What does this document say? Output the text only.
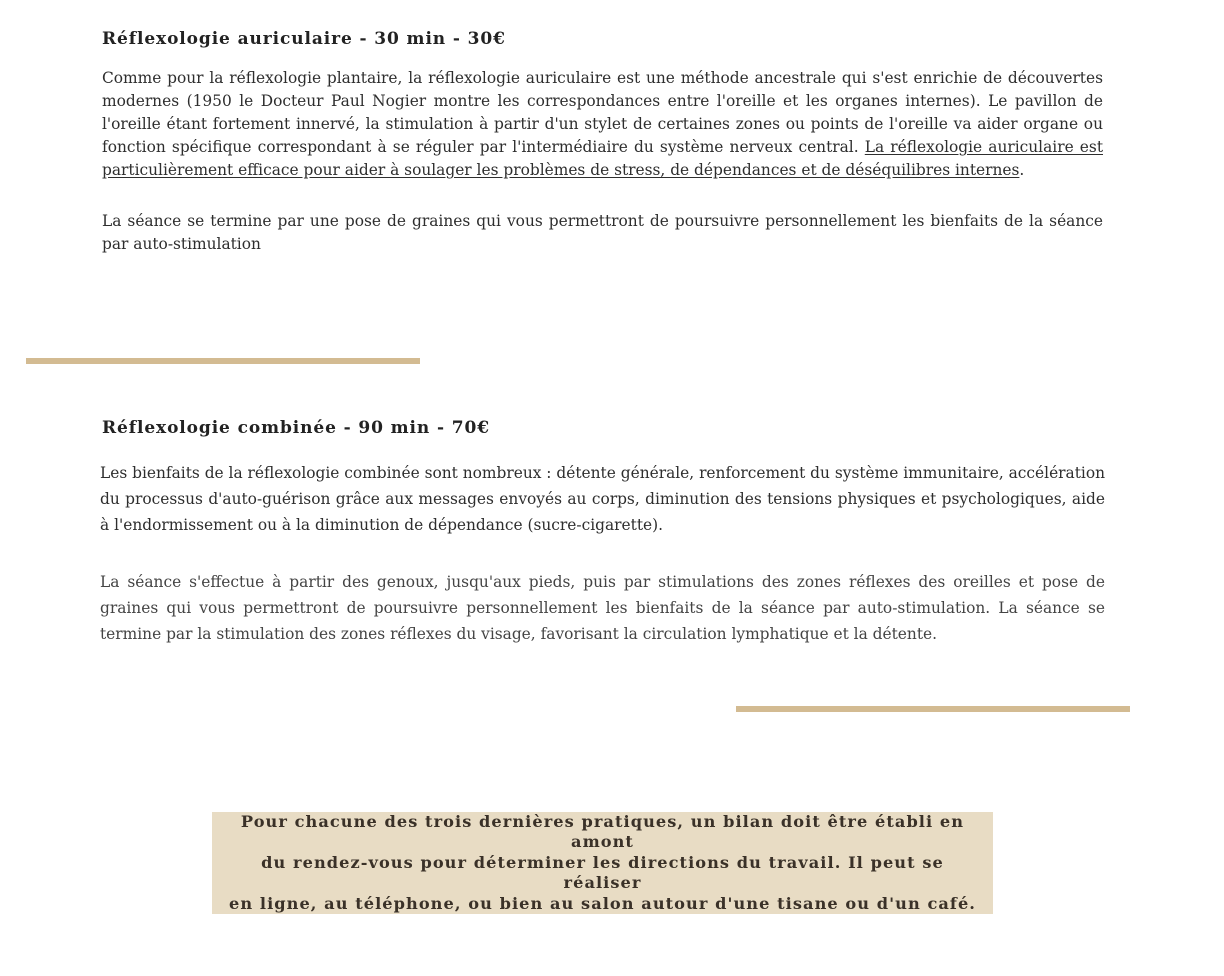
Réflexologie auriculaire - 30 min - 30€

Comme pour la réflexologie plantaire, la réflexologie auriculaire est une méthode ancestrale qui s'est enrichie de découvertes modernes (1950 le Docteur Paul Nogier montre les correspondances entre l'oreille et les organes internes). Le pavillon de l'oreille étant fortement innervé, la stimulation à partir d'un stylet de certaines zones ou points de l'oreille va aider organe ou fonction spécifique correspondant à se réguler par l'intermédiaire du système nerveux central. La réflexologie auriculaire est particulièrement efficace pour aider à soulager les problèmes de stress, de dépendances et de déséquilibres internes.

La séance se termine par une pose de graines qui vous permettront de poursuivre personnellement les bienfaits de la séance par auto-stimulation

Réflexologie combinée - 90 min - 70€

Les bienfaits de la réflexologie combinée sont nombreux : détente générale, renforcement du système immunitaire, accélération du processus d'auto-guérison grâce aux messages envoyés au corps, diminution des tensions physiques et psychologiques, aide à l'endormissement ou à la diminution de dépendance (sucre-cigarette).

La séance s'effectue à partir des genoux, jusqu'aux pieds, puis par stimulations des zones réflexes des oreilles et pose de graines qui vous permettront de poursuivre personnellement les bienfaits de la séance par auto-stimulation. La séance se termine par la stimulation des zones réflexes du visage, favorisant la circulation lymphatique et la détente.

Pour chacune des trois dernières pratiques, un bilan doit être établi en amont
du rendez-vous pour déterminer les directions du travail. Il peut se réaliser
en ligne, au téléphone, ou bien au salon autour d'une tisane ou d'un café.
